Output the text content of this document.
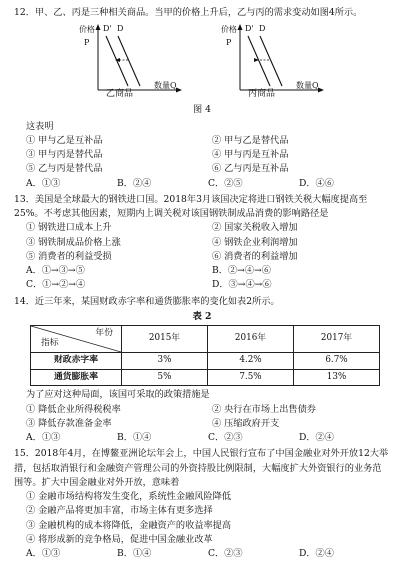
12．甲、乙、丙是三种相关商品。当甲的价格上升后，乙与丙的需求变动如图4所示。
价格
P
D' D
数量Q
乙商品
价格
P
D' D
数量Q
丙商品
图 4
这表明
① 甲与乙是互补品	② 甲与乙是替代品
③ 甲与丙是替代品	④ 甲与丙是互补品
⑤ 乙与丙是替代品	⑥ 乙与丙是互补品
A．①③	B．②④	C．②⑤	D．④⑥
13．美国是全球最大的钢铁进口国。2018年3月该国决定将进口钢铁关税大幅度提高至25%。不考虑其他因素，短期内上调关税对该国钢铁制成品消费的影响路径是
① 钢铁进口成本上升	② 国家关税收入增加
③ 钢铁制成品价格上涨	④ 钢铁企业利润增加
⑤ 消费者的利益受损	⑥ 消费者的利益增加
A．①→③→⑤	B．②→④→⑥
C．①→②→④	D．③→④→⑥
14．近三年来，某国财政赤字率和通货膨胀率的变化如表2所示。
表 2
年份
指标	2015年	2016年	2017年
财政赤字率	3%	4.2%	6.7%
通货膨胀率	5%	7.5%	13%
为了应对这种局面，该国可采取的政策措施是
① 降低企业所得税税率	② 央行在市场上出售债券
③ 降低存款准备金率	④ 压缩政府开支
A．①③	B．①④	C．②③	D．②④
15．2018年4月，在博鳌亚洲论坛年会上，中国人民银行宣布了中国金融业对外开放12大举措，包括取消银行和金融资产管理公司的外资持股比例限制，大幅度扩大外资银行的业务范围等。扩大中国金融业对外开放，意味着
① 金融市场结构将发生变化，系统性金融风险降低
② 金融产品将更加丰富，市场主体有更多选择
③ 金融机构的成本将降低，金融资产的收益率提高
④ 将形成新的竞争格局，促进中国金融业改革
A．①③	B．①④	C．②③	D．②④
